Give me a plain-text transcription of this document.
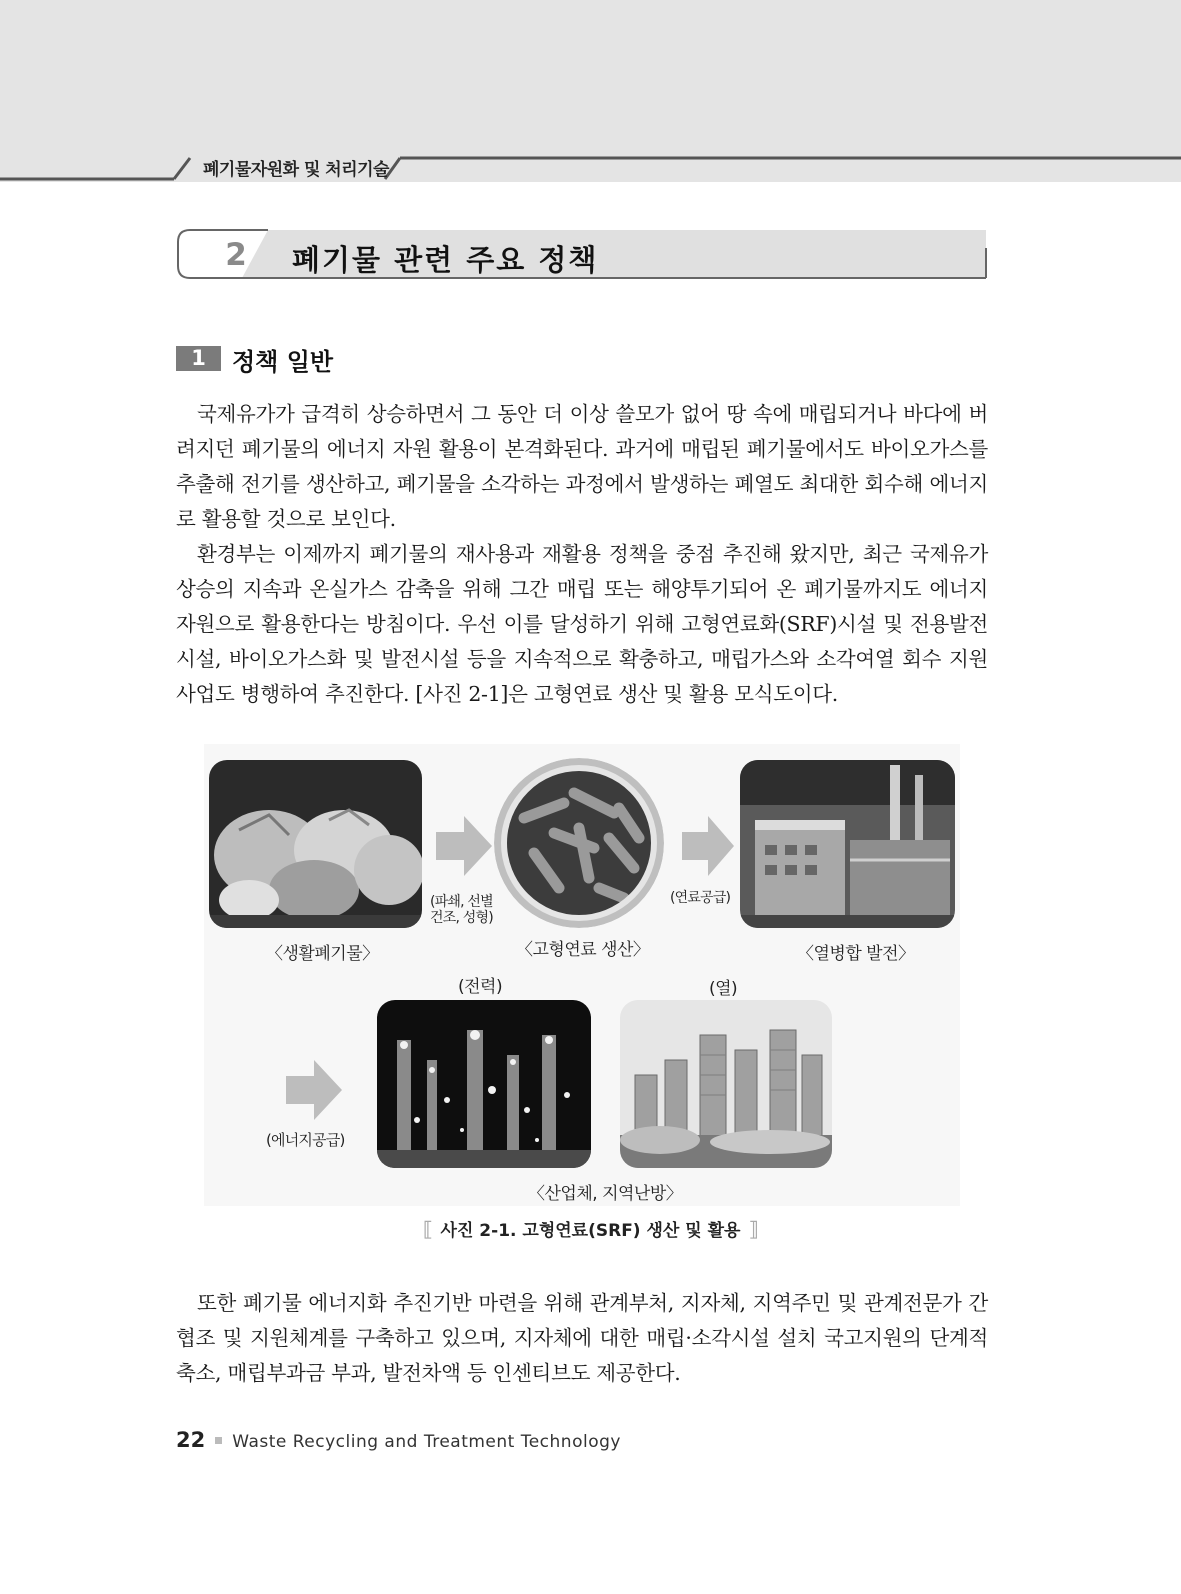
폐기물자원화 및 처리기술
2	폐기물 관련 주요 정책
1	정책 일반

국제유가가 급격히 상승하면서 그 동안 더 이상 쓸모가 없어 땅 속에 매립되거나 바다에 버려지던 폐기물의 에너지 자원 활용이 본격화된다. 과거에 매립된 폐기물에서도 바이오가스를 추출해 전기를 생산하고, 폐기물을 소각하는 과정에서 발생하는 폐열도 최대한 회수해 에너지로 활용할 것으로 보인다.

환경부는 이제까지 폐기물의 재사용과 재활용 정책을 중점 추진해 왔지만, 최근 국제유가 상승의 지속과 온실가스 감축을 위해 그간 매립 또는 해양투기되어 온 폐기물까지도 에너지 자원으로 활용한다는 방침이다. 우선 이를 달성하기 위해 고형연료화(SRF)시설 및 전용발전시설, 바이오가스화 및 발전시설 등을 지속적으로 확충하고, 매립가스와 소각여열 회수 지원사업도 병행하여 추진한다. [사진 2-1]은 고형연료 생산 및 활용 모식도이다.

(파쇄, 선별
건조, 성형)
(연료공급)
〈생활폐기물〉	〈고형연료 생산〉	〈열병합 발전〉
(전력)	(열)
(에너지공급)
〈산업체, 지역난방〉
⟦ 사진 2-1. 고형연료(SRF) 생산 및 활용 ⟧

또한 폐기물 에너지화 추진기반 마련을 위해 관계부처, 지자체, 지역주민 및 관계전문가 간 협조 및 지원체계를 구축하고 있으며, 지자체에 대한 매립·소각시설 설치 국고지원의 단계적 축소, 매립부과금 부과, 발전차액 등 인센티브도 제공한다.

22 Waste Recycling and Treatment Technology
